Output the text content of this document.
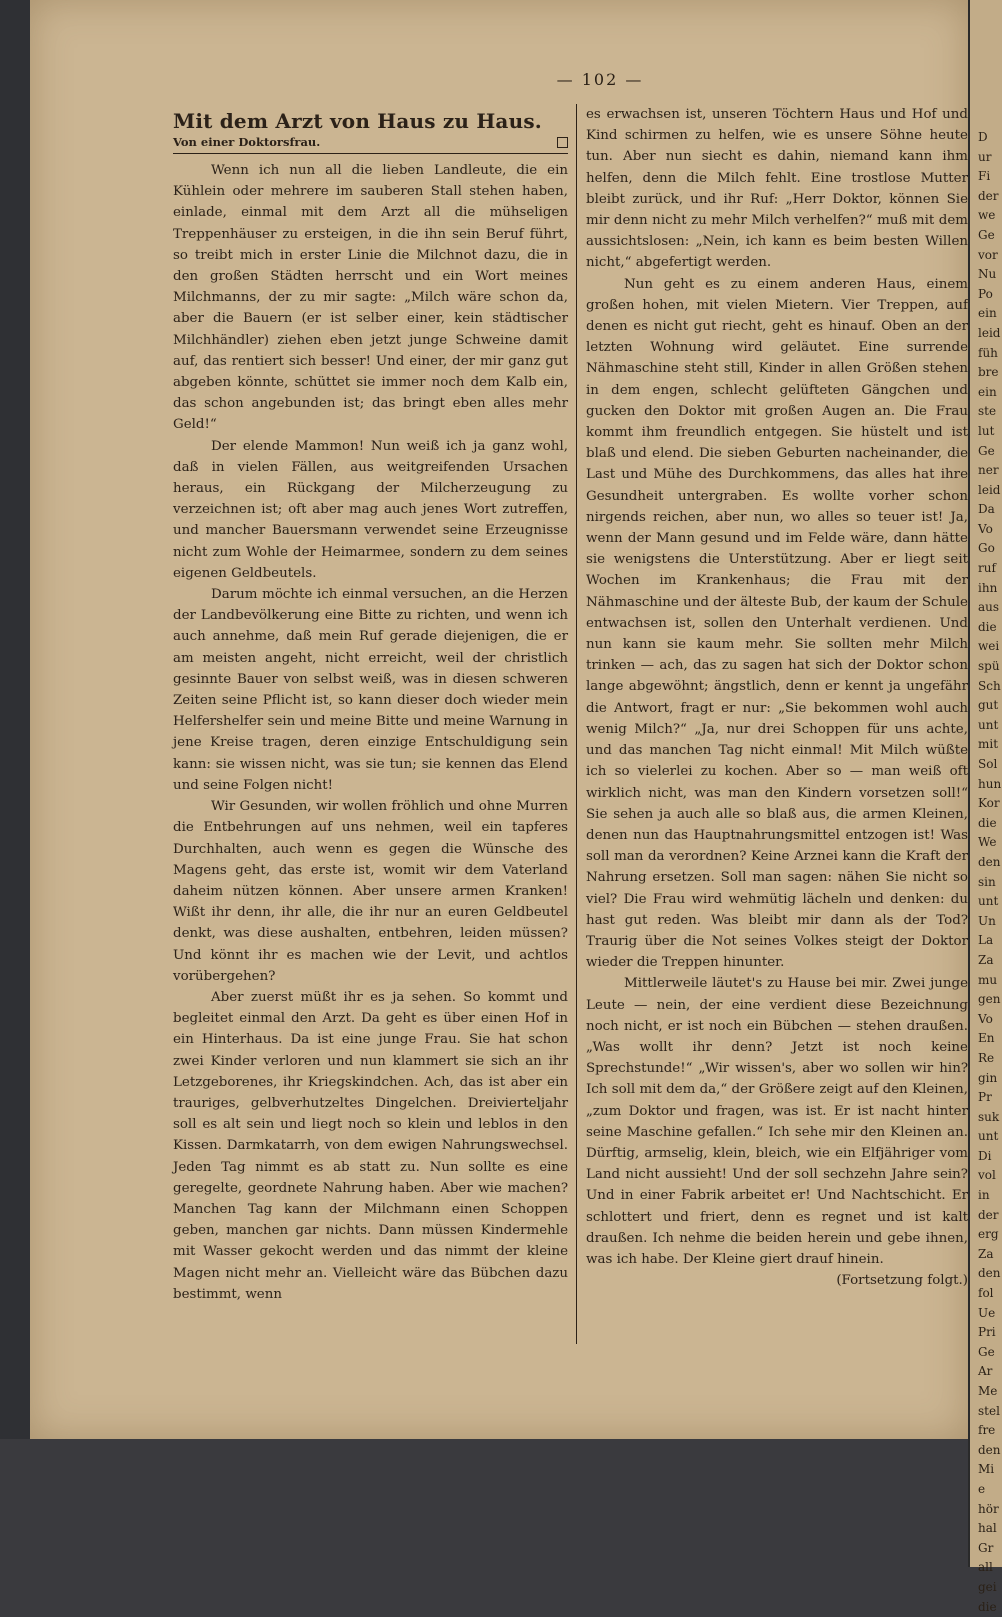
D
ur
Fi
der
we
Ge
vor
Nu
Po
ein
leid
füh
bre
ein
ste
lut
Ge
ner
leid
Da
Vo
Go
ruf
ihn
aus
die
wei
spü
Sch
gut
unt
mit
Sol
hun
Kor
die
We
den
sin
unt
Un
La
Za
mu
gen
Vo
En
Re
gin
Pr
suk
unt
Di
vol
in
der
erg
Za
den
fol
Ue
Pri
Ge
Ar
Me
stel
fre
den
Mi
e
hör
hal
Gr
all
gei
die
— 102 —
Mit dem Arzt von Haus zu Haus.
Von einer Doktorsfrau.

Wenn ich nun all die lieben Landleute, die ein Kühlein oder mehrere im sauberen Stall stehen haben, einlade, einmal mit dem Arzt all die mühseligen Treppenhäuser zu ersteigen, in die ihn sein Beruf führt, so treibt mich in erster Linie die Milchnot dazu, die in den großen Städten herrscht und ein Wort meines Milchmanns, der zu mir sagte: „Milch wäre schon da, aber die Bauern (er ist selber einer, kein städtischer Milchhändler) ziehen eben jetzt junge Schweine damit auf, das rentiert sich besser! Und einer, der mir ganz gut abgeben könnte, schüttet sie immer noch dem Kalb ein, das schon angebunden ist; das bringt eben alles mehr Geld!“

Der elende Mammon! Nun weiß ich ja ganz wohl, daß in vielen Fällen, aus weitgreifenden Ursachen heraus, ein Rückgang der Milcherzeugung zu verzeichnen ist; oft aber mag auch jenes Wort zutreffen, und mancher Bauersmann verwendet seine Erzeugnisse nicht zum Wohle der Heimarmee, sondern zu dem seines eigenen Geldbeutels.

Darum möchte ich einmal versuchen, an die Herzen der Landbevölkerung eine Bitte zu richten, und wenn ich auch annehme, daß mein Ruf gerade diejenigen, die er am meisten angeht, nicht erreicht, weil der christlich gesinnte Bauer von selbst weiß, was in diesen schweren Zeiten seine Pflicht ist, so kann dieser doch wieder mein Helfershelfer sein und meine Bitte und meine Warnung in jene Kreise tragen, deren einzige Entschuldigung sein kann: sie wissen nicht, was sie tun; sie kennen das Elend und seine Folgen nicht!

Wir Gesunden, wir wollen fröhlich und ohne Murren die Entbehrungen auf uns nehmen, weil ein tapferes Durchhalten, auch wenn es gegen die Wünsche des Magens geht, das erste ist, womit wir dem Vaterland daheim nützen können. Aber unsere armen Kranken! Wißt ihr denn, ihr alle, die ihr nur an euren Geldbeutel denkt, was diese aushalten, entbehren, leiden müssen? Und könnt ihr es machen wie der Levit, und achtlos vorübergehen?

Aber zuerst müßt ihr es ja sehen. So kommt und begleitet einmal den Arzt. Da geht es über einen Hof in ein Hinterhaus. Da ist eine junge Frau. Sie hat schon zwei Kinder verloren und nun klammert sie sich an ihr Letzgeborenes, ihr Kriegskindchen. Ach, das ist aber ein trauriges, gelbverhutzeltes Dingelchen. Dreivierteljahr soll es alt sein und liegt noch so klein und leblos in den Kissen. Darmkatarrh, von dem ewigen Nahrungswechsel. Jeden Tag nimmt es ab statt zu. Nun sollte es eine geregelte, geordnete Nahrung haben. Aber wie machen? Manchen Tag kann der Milchmann einen Schoppen geben, manchen gar nichts. Dann müssen Kindermehle mit Wasser gekocht werden und das nimmt der kleine Magen nicht mehr an. Vielleicht wäre das Bübchen dazu bestimmt, wenn

es erwachsen ist, unseren Töchtern Haus und Hof und Kind schirmen zu helfen, wie es unsere Söhne heute tun. Aber nun siecht es dahin, niemand kann ihm helfen, denn die Milch fehlt. Eine trostlose Mutter bleibt zurück, und ihr Ruf: „Herr Doktor, können Sie mir denn nicht zu mehr Milch verhelfen?“ muß mit dem aussichtslosen: „Nein, ich kann es beim besten Willen nicht,“ abgefertigt werden.

Nun geht es zu einem anderen Haus, einem großen hohen, mit vielen Mietern. Vier Treppen, auf denen es nicht gut riecht, geht es hinauf. Oben an der letzten Wohnung wird geläutet. Eine surrende Nähmaschine steht still, Kinder in allen Größen stehen in dem engen, schlecht gelüfteten Gängchen und gucken den Doktor mit großen Augen an. Die Frau kommt ihm freundlich entgegen. Sie hüstelt und ist blaß und elend. Die sieben Geburten nacheinander, die Last und Mühe des Durchkommens, das alles hat ihre Gesundheit untergraben. Es wollte vorher schon nirgends reichen, aber nun, wo alles so teuer ist! Ja, wenn der Mann gesund und im Felde wäre, dann hätte sie wenigstens die Unterstützung. Aber er liegt seit Wochen im Krankenhaus; die Frau mit der Nähmaschine und der älteste Bub, der kaum der Schule entwachsen ist, sollen den Unterhalt verdienen. Und nun kann sie kaum mehr. Sie sollten mehr Milch trinken — ach, das zu sagen hat sich der Doktor schon lange abgewöhnt; ängstlich, denn er kennt ja ungefähr die Antwort, fragt er nur: „Sie bekommen wohl auch wenig Milch?“ „Ja, nur drei Schoppen für uns achte, und das manchen Tag nicht einmal! Mit Milch wüßte ich so vielerlei zu kochen. Aber so — man weiß oft wirklich nicht, was man den Kindern vorsetzen soll!“ Sie sehen ja auch alle so blaß aus, die armen Kleinen, denen nun das Hauptnahrungsmittel entzogen ist! Was soll man da verordnen? Keine Arznei kann die Kraft der Nahrung ersetzen. Soll man sagen: nähen Sie nicht so viel? Die Frau wird wehmütig lächeln und denken: du hast gut reden. Was bleibt mir dann als der Tod? Traurig über die Not seines Volkes steigt der Doktor wieder die Treppen hinunter.

Mittlerweile läutet's zu Hause bei mir. Zwei junge Leute — nein, der eine verdient diese Bezeichnung noch nicht, er ist noch ein Bübchen — stehen draußen. „Was wollt ihr denn? Jetzt ist noch keine Sprechstunde!“ „Wir wissen's, aber wo sollen wir hin? Ich soll mit dem da,“ der Größere zeigt auf den Kleinen, „zum Doktor und fragen, was ist. Er ist nacht hinter seine Maschine gefallen.“ Ich sehe mir den Kleinen an. Dürftig, armselig, klein, bleich, wie ein Elfjähriger vom Land nicht aussieht! Und der soll sechzehn Jahre sein? Und in einer Fabrik arbeitet er! Und Nachtschicht. Er schlottert und friert, denn es regnet und ist kalt draußen. Ich nehme die beiden herein und gebe ihnen, was ich habe. Der Kleine giert drauf hinein.

(Fortsetzung folgt.)
